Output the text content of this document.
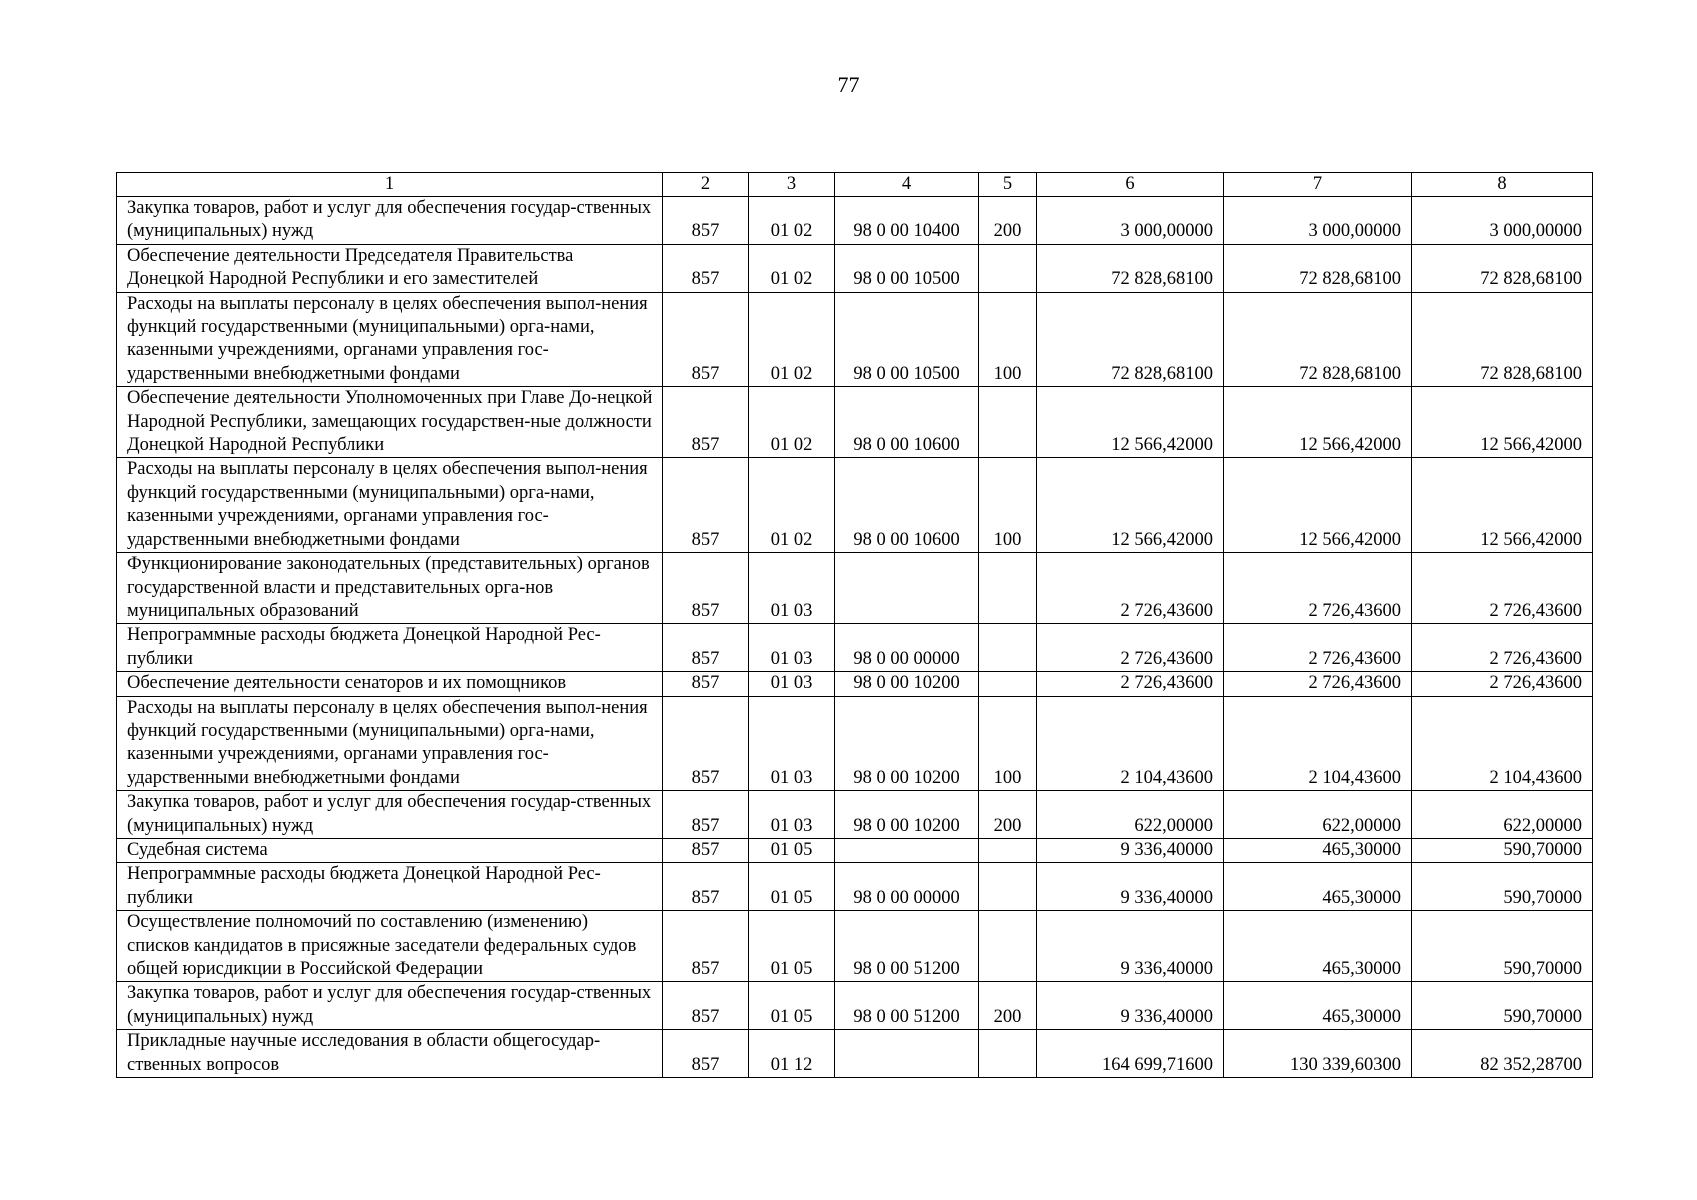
77
1	2	3	4	5	6	7	8
Закупка товаров, работ и услуг для обеспечения государ-ственных (муниципальных) нужд	857	01 02	98 0 00 10400	200	3 000,00000	3 000,00000	3 000,00000
Обеспечение деятельности Председателя Правительства Донецкой Народной Республики и его заместителей	857	01 02	98 0 00 10500		72 828,68100	72 828,68100	72 828,68100
Расходы на выплаты персоналу в целях обеспечения выпол-нения функций государственными (муниципальными) орга-нами, казенными учреждениями, органами управления гос-ударственными внебюджетными фондами	857	01 02	98 0 00 10500	100	72 828,68100	72 828,68100	72 828,68100
Обеспечение деятельности Уполномоченных при Главе До-нецкой Народной Республики, замещающих государствен-ные должности Донецкой Народной Республики	857	01 02	98 0 00 10600		12 566,42000	12 566,42000	12 566,42000
Расходы на выплаты персоналу в целях обеспечения выпол-нения функций государственными (муниципальными) орга-нами, казенными учреждениями, органами управления гос-ударственными внебюджетными фондами	857	01 02	98 0 00 10600	100	12 566,42000	12 566,42000	12 566,42000
Функционирование законодательных (представительных) органов государственной власти и представительных орга-нов муниципальных образований	857	01 03			2 726,43600	2 726,43600	2 726,43600
Непрограммные расходы бюджета Донецкой Народной Рес-публики	857	01 03	98 0 00 00000		2 726,43600	2 726,43600	2 726,43600
Обеспечение деятельности сенаторов и их помощников	857	01 03	98 0 00 10200		2 726,43600	2 726,43600	2 726,43600
Расходы на выплаты персоналу в целях обеспечения выпол-нения функций государственными (муниципальными) орга-нами, казенными учреждениями, органами управления гос-ударственными внебюджетными фондами	857	01 03	98 0 00 10200	100	2 104,43600	2 104,43600	2 104,43600
Закупка товаров, работ и услуг для обеспечения государ-ственных (муниципальных) нужд	857	01 03	98 0 00 10200	200	622,00000	622,00000	622,00000
Судебная система	857	01 05			9 336,40000	465,30000	590,70000
Непрограммные расходы бюджета Донецкой Народной Рес-публики	857	01 05	98 0 00 00000		9 336,40000	465,30000	590,70000
Осуществление полномочий по составлению (изменению) списков кандидатов в присяжные заседатели федеральных судов общей юрисдикции в Российской Федерации	857	01 05	98 0 00 51200		9 336,40000	465,30000	590,70000
Закупка товаров, работ и услуг для обеспечения государ-ственных (муниципальных) нужд	857	01 05	98 0 00 51200	200	9 336,40000	465,30000	590,70000
Прикладные научные исследования в области общегосудар-ственных вопросов	857	01 12			164 699,71600	130 339,60300	82 352,28700
